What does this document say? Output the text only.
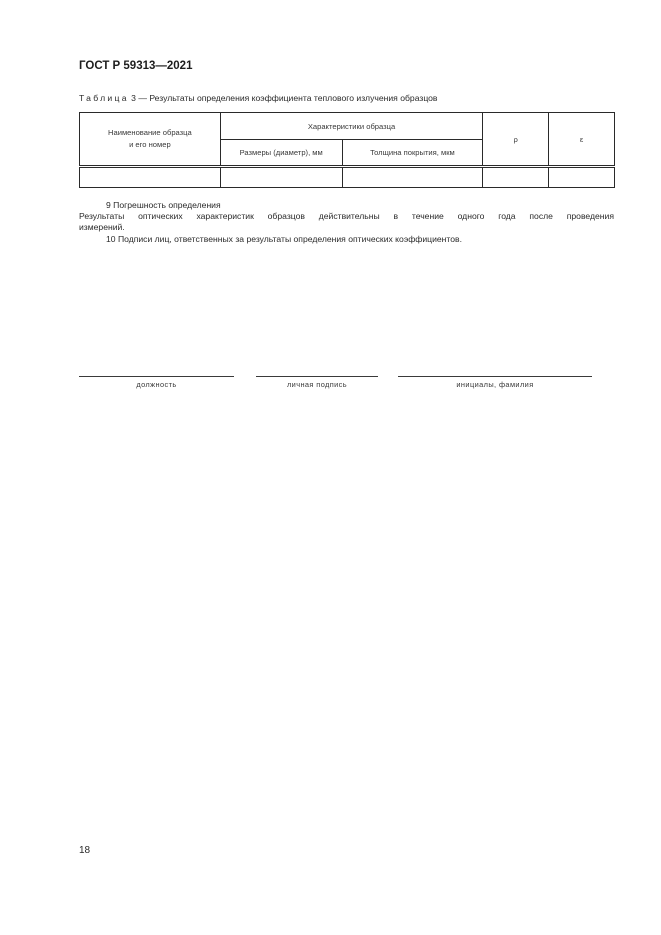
ГОСТ Р 59313—2021
Таблица 3 — Результаты определения коэффициента теплового излучения образцов
Наименование образца
и его номер	Характеристики образца		ρ	ε
	Размеры (диаметр), мм	Толщина покрытия, мкм		

9 Погрешность определения
Результаты оптических характеристик образцов действительны в течение одного года после проведения
измерений.
10 Подписи лиц, ответственных за результаты определения оптических коэффициентов.
должность	личная подпись	инициалы, фамилия
18
